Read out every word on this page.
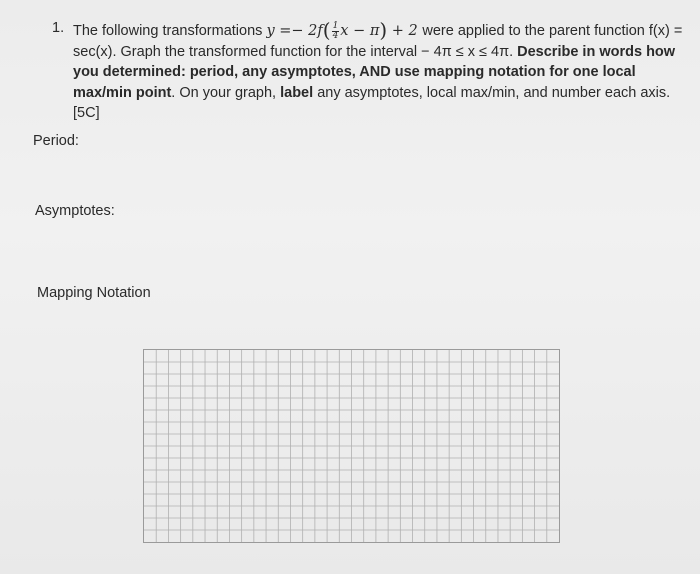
1. The following transformations $y =- 2f( \frac{1}{4}$ x − π) + 2 were applied to the parent function f(x) = sec(x). Graph the transformed function for the interval − 4π ≤ x ≤ 4π. Describe in words how you determined: period, any asymptotes, AND use mapping notation for one local max/min point. On your graph, label any asymptotes, local max/min, and number each axis.[5C]
Period:
Asymptotes:
Mapping Notation
